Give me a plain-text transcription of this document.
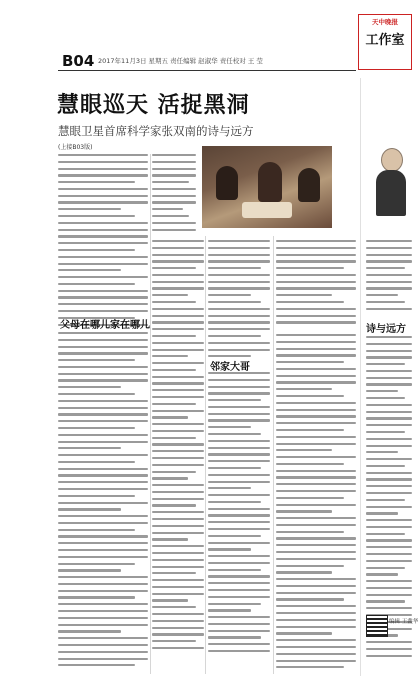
B04 2017年11月3日 星期五 责任编辑 赵淑华 责任校对 王 莹
天中晚报
工作室
慧眼巡天 活捉黑洞
慧眼卫星首席科学家张双南的诗与远方
(上接B03版)
父母在哪儿家在哪儿
邻家大哥
诗与远方
编辑 王鑫华
